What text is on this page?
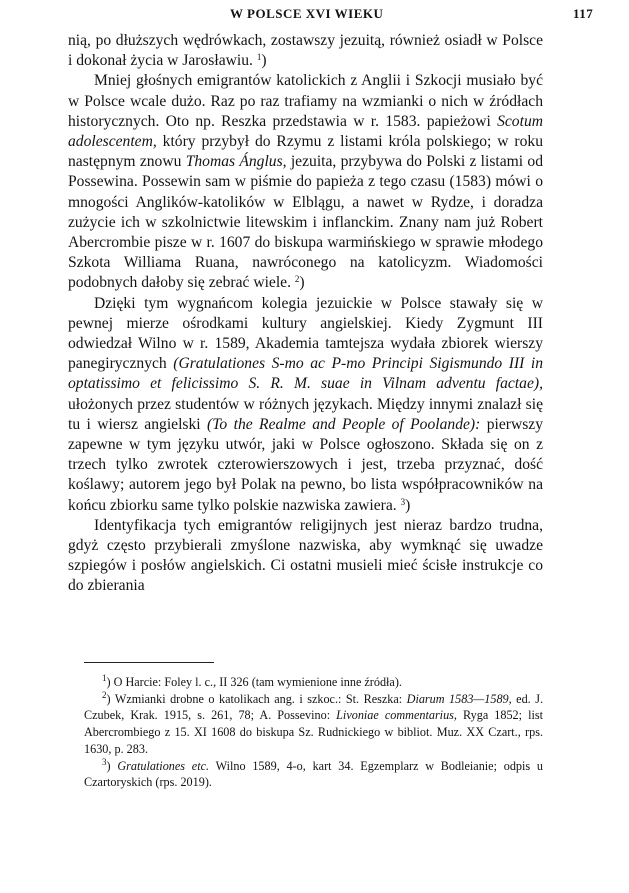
W POLSCE XVI WIEKU	117

nią, po dłuższych wędrówkach, zostawszy jezuitą, również osiadł w Polsce i dokonał życia w Jarosławiu. $^1$)

Mniej głośnych emigrantów katolickich z Anglii i Szkocji musiało być w Polsce wcale dużo. Raz po raz trafiamy na wzmianki o nich w źródłach historycznych. Oto np. Reszka przedstawia w r. 1583. papieżowi Scotum adolescentem, który przybył do Rzymu z listami króla polskiego; w roku następnym znowu Thomas Ánglus, jezuita, przybywa do Polski z listami od Possewina. Possewin sam w piśmie do papieża z tego czasu (1583) mówi o mnogości Anglików-katolików w Elblągu, a nawet w Rydze, i doradza zużycie ich w szkolnictwie litewskim i inflanckim. Znany nam już Robert Abercrombie pisze w r. 1607 do biskupa warmińskiego w sprawie młodego Szkota Williama Ruana, nawróconego na katolicyzm. Wiadomości podobnych dałoby się zebrać wiele. $^2$)

Dzięki tym wygnańcom kolegia jezuickie w Polsce stawały się w pewnej mierze ośrodkami kultury angielskiej. Kiedy Zygmunt III odwiedzał Wilno w r. 1589, Akademia tamtejsza wydała zbiorek wierszy panegirycznych (Gratulationes S-mo ac P-mo Principi Sigismundo III in optatissimo et felicissimo S. R. M. suae in Vilnam adventu factae), ułożonych przez studentów w różnych językach. Między innymi znalazł się tu i wiersz angielski (To the Realme and People of Poolande): pierwszy zapewne w tym języku utwór, jaki w Polsce ogłoszono. Składa się on z trzech tylko zwrotek czterowierszowych i jest, trzeba przyznać, dość koślawy; autorem jego był Polak na pewno, bo lista współpracowników na końcu zbiorku same tylko polskie nazwiska zawiera. $^3$)

Identyfikacja tych emigrantów religijnych jest nieraz bardzo trudna, gdyż często przybierali zmyślone nazwiska, aby wymknąć się uwadze szpiegów i posłów angielskich. Ci ostatni musieli mieć ścisłe instrukcje co do zbierania

$^1$) O Harcie: Foley l. c., II 326 (tam wymienione inne źródła).

$^2$) Wzmianki drobne o katolikach ang. i szkoc.: St. Reszka: Diarum 1583—1589, ed. J. Czubek, Krak. 1915, s. 261, 78; A. Possevino: Livoniae commentarius, Ryga 1852; list Abercrombiego z 15. XI 1608 do biskupa Sz. Rudnickiego w bibliot. Muz. XX Czart., rps. 1630, p. 283.

$^3$) Gratulationes etc. Wilno 1589, 4-o, kart 34. Egzemplarz w Bodleianie; odpis u Czartoryskich (rps. 2019).
